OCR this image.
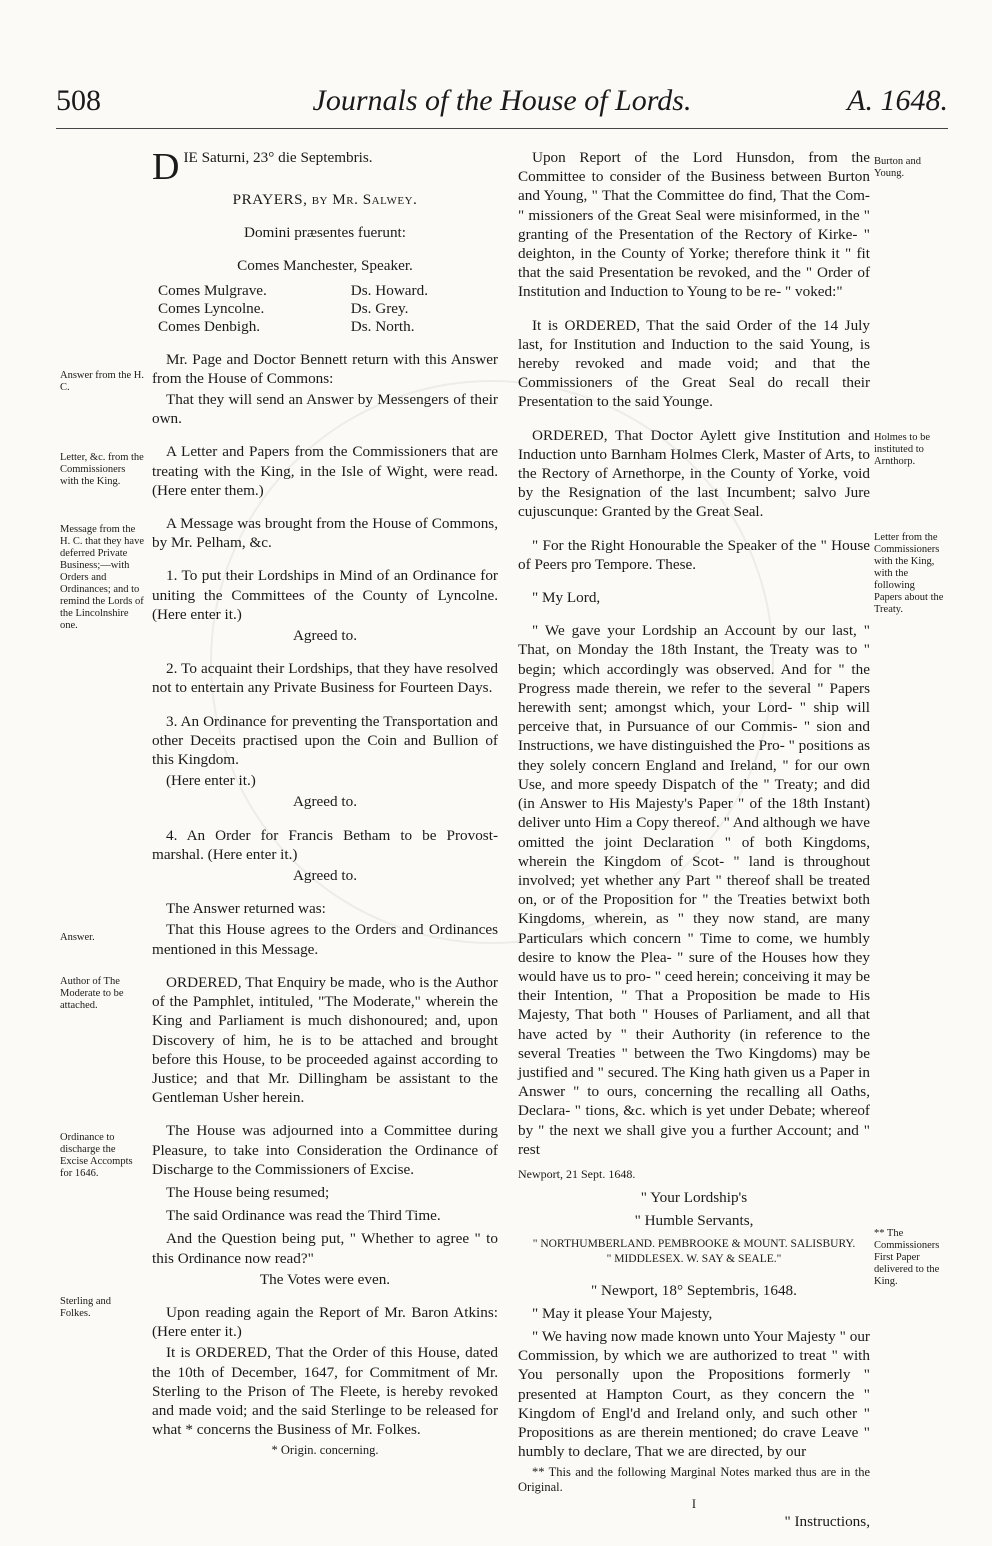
508	Journals of the House of Lords.	A. 1648.

DIE Saturni, 23° die Septembris.

PRAYERS, by Mr. Salwey.

Domini præsentes fuerunt:

Comes Manchester, Speaker.

Comes Mulgrave.
Comes Lyncolne.
Comes Denbigh.
Ds. Howard.
Ds. Grey.
Ds. North.

Mr. Page and Doctor Bennett return with this Answer from the House of Commons:

That they will send an Answer by Messengers of their own.

A Letter and Papers from the Commissioners that are treating with the King, in the Isle of Wight, were read. (Here enter them.)

A Message was brought from the House of Commons, by Mr. Pelham, &c.

1. To put their Lordships in Mind of an Ordinance for uniting the Committees of the County of Lyncolne. (Here enter it.)

Agreed to.

2. To acquaint their Lordships, that they have resolved not to entertain any Private Business for Fourteen Days.

3. An Ordinance for preventing the Transportation and other Deceits practised upon the Coin and Bullion of this Kingdom.

(Here enter it.)

Agreed to.

4. An Order for Francis Betham to be Provost-marshal. (Here enter it.)

Agreed to.

The Answer returned was:

That this House agrees to the Orders and Ordinances mentioned in this Message.

ORDERED, That Enquiry be made, who is the Author of the Pamphlet, intituled, "The Moderate," wherein the King and Parliament is much dishonoured; and, upon Discovery of him, he is to be attached and brought before this House, to be proceeded against according to Justice; and that Mr. Dillingham be assistant to the Gentleman Usher herein.

The House was adjourned into a Committee during Pleasure, to take into Consideration the Ordinance of Discharge to the Commissioners of Excise.

The House being resumed;

The said Ordinance was read the Third Time.

And the Question being put, " Whether to agree " to this Ordinance now read?"

The Votes were even.

Upon reading again the Report of Mr. Baron Atkins: (Here enter it.)

It is ORDERED, That the Order of this House, dated the 10th of December, 1647, for Commitment of Mr. Sterling to the Prison of The Fleete, is hereby revoked and made void; and the said Sterlinge to be released for what * concerns the Business of Mr. Folkes.

* Origin. concerning.

Upon Report of the Lord Hunsdon, from the Committee to consider of the Business between Burton and Young, " That the Committee do find, That the Com- " missioners of the Great Seal were misinformed, in the " granting of the Presentation of the Rectory of Kirke- " deighton, in the County of Yorke; therefore think it " fit that the said Presentation be revoked, and the " Order of Institution and Induction to Young to be re- " voked:"

It is ORDERED, That the said Order of the 14 July last, for Institution and Induction to the said Young, is hereby revoked and made void; and that the Commissioners of the Great Seal do recall their Presentation to the said Younge.

ORDERED, That Doctor Aylett give Institution and Induction unto Barnham Holmes Clerk, Master of Arts, to the Rectory of Arnethorpe, in the County of Yorke, void by the Resignation of the last Incumbent; salvo Jure cujuscunque: Granted by the Great Seal.

" For the Right Honourable the Speaker of the " House of Peers pro Tempore. These.

" My Lord,

" We gave your Lordship an Account by our last, " That, on Monday the 18th Instant, the Treaty was to " begin; which accordingly was observed. And for " the Progress made therein, we refer to the several " Papers herewith sent; amongst which, your Lord- " ship will perceive that, in Pursuance of our Commis- " sion and Instructions, we have distinguished the Pro- " positions as they solely concern England and Ireland, " for our own Use, and more speedy Dispatch of the " Treaty; and did (in Answer to His Majesty's Paper " of the 18th Instant) deliver unto Him a Copy thereof. " And although we have omitted the joint Declaration " of both Kingdoms, wherein the Kingdom of Scot- " land is throughout involved; yet whether any Part " thereof shall be treated on, or of the Proposition for " the Treaties betwixt both Kingdoms, wherein, as " they now stand, are many Particulars which concern " Time to come, we humbly desire to know the Plea- " sure of the Houses how they would have us to pro- " ceed herein; conceiving it may be their Intention, " That a Proposition be made to His Majesty, That both " Houses of Parliament, and all that have acted by " their Authority (in reference to the several Treaties " between the Two Kingdoms) may be justified and " secured. The King hath given us a Paper in Answer " to ours, concerning the recalling all Oaths, Declara- " tions, &c. which is yet under Debate; whereof by " the next we shall give you a further Account; and " rest

Newport, 21 Sept. 1648.

" Your Lordship's

" Humble Servants,

" NORTHUMBERLAND. PEMBROOKE & MOUNT. SALISBURY.
" MIDDLESEX. W. SAY & SEALE."

" Newport, 18° Septembris, 1648.

" May it please Your Majesty,

" We having now made known unto Your Majesty " our Commission, by which we are authorized to treat " with You personally upon the Propositions formerly " presented at Hampton Court, as they concern the " Kingdom of Engl'd and Ireland only, and such other " Propositions as are therein mentioned; do crave Leave " humbly to declare, That we are directed, by our

** This and the following Marginal Notes marked thus are in the Original.

I

" Instructions,

Answer from the H. C.
Letter, &c. from the Commissioners with the King.
Message from the H. C. that they have deferred Private Business;—with Orders and Ordinances; and to remind the Lords of the Lincolnshire one.
Answer.
Author of The Moderate to be attached.
Ordinance to discharge the Excise Accompts for 1646.
Sterling and Folkes.
Burton and Young.
Holmes to be instituted to Arnthorp.
Letter from the Commissioners with the King, with the following Papers about the Treaty.
** The Commissioners First Paper delivered to the King.
